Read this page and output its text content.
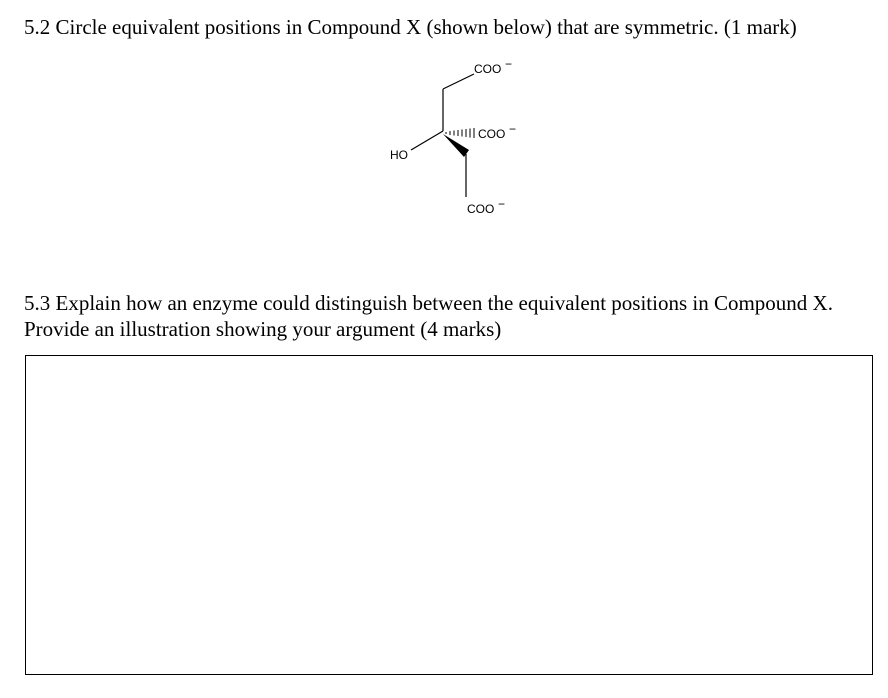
5.2 Circle equivalent positions in Compound X (shown below) that are symmetric. (1 mark)
COO −
HO
COO −
COO −

5.3 Explain how an enzyme could distinguish between the equivalent positions in Compound X.
Provide an illustration showing your argument (4 marks)
